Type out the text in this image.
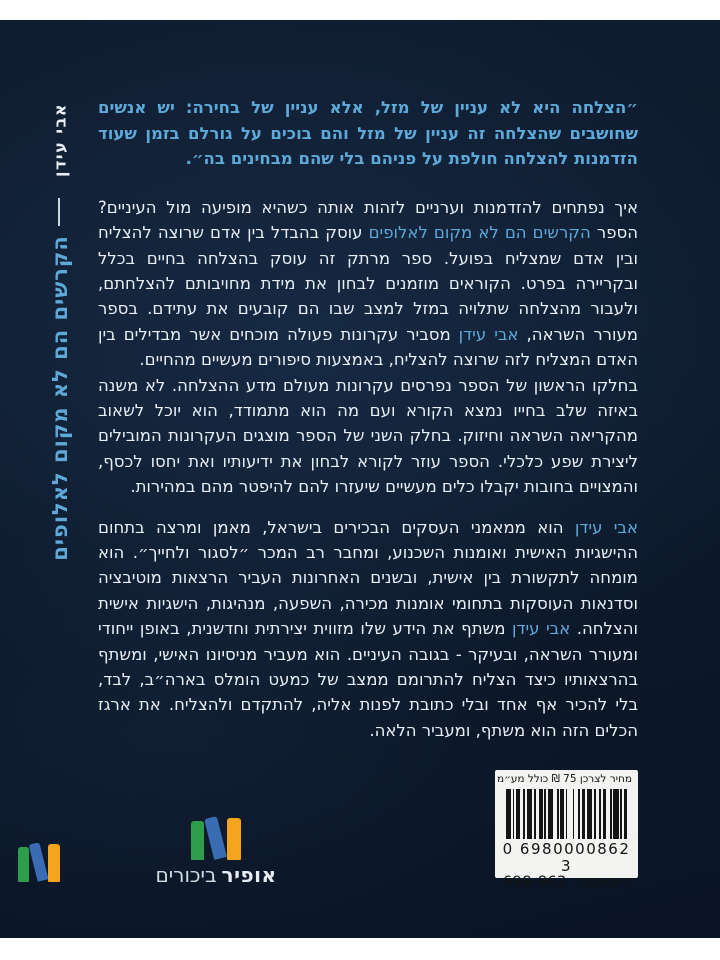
אבי עידן
הקרשים הם לא מקום לאלופים

״הצלחה היא לא עניין של מזל, אלא עניין של בחירה: יש אנשים שחושבים שהצלחה זה עניין של מזל והם בוכים על גורלם בזמן שעוד הזדמנות להצלחה חולפת על פניהם בלי שהם מבחינים בה״.

איך נפתחים להזדמנות וערניים לזהות אותה כשהיא מופיעה מול העיניים? הספר הקרשים הם לא מקום לאלופים עוסק בהבדל בין אדם שרוצה להצליח ובין אדם שמצליח בפועל. ספר מרתק זה עוסק בהצלחה בחיים בכלל ובקריירה בפרט. הקוראים מוזמנים לבחון את מידת מחויבותם להצלחתם, ולעבור מהצלחה שתלויה במזל למצב שבו הם קובעים את עתידם. בספר מעורר השראה, אבי עידן מסביר עקרונות פעולה מוכחים אשר מבדילים בין האדם המצליח לזה שרוצה להצליח, באמצעות סיפורים מעשיים מהחיים.

בחלקו הראשון של הספר נפרסים עקרונות מעולם מדע ההצלחה. לא משנה באיזה שלב בחייו נמצא הקורא ועם מה הוא מתמודד, הוא יוכל לשאוב מהקריאה השראה וחיזוק. בחלק השני של הספר מוצגים העקרונות המובילים ליצירת שפע כלכלי. הספר עוזר לקורא לבחון את ידיעותיו ואת יחסו לכסף, והמצויים בחובות יקבלו כלים מעשיים שיעזרו להם להיפטר מהם במהירות.

אבי עידן הוא ממאמני העסקים הבכירים בישראל, מאמן ומרצה בתחום ההישגיות האישית ואומנות השכנוע, ומחבר רב המכר ״לסגור ולחייך״. הוא מומחה לתקשורת בין אישית, ובשנים האחרונות העביר הרצאות מוטיבציה וסדנאות העוסקות בתחומי אומנות מכירה, השפעה, מנהיגות, הישגיות אישית והצלחה. אבי עידן משתף את הידע שלו מזווית יצירתית וחדשנית, באופן ייחודי ומעורר השראה, ובעיקר - בגובה העיניים. הוא מעביר מניסיונו האישי, ומשתף בהרצאותיו כיצד הצליח להתרומם ממצב של כמעט הומלס בארה״ב, לבד, בלי להכיר אף אחד ובלי כתובת לפנות אליה, להתקדם ולהצליח. את ארגז הכלים הזה הוא משתף, ומעביר הלאה.

אופירביכורים
מחיר לצרכן 75 ₪ כולל מע״מ
0 6980000862 3
דאנאקוד698-862
